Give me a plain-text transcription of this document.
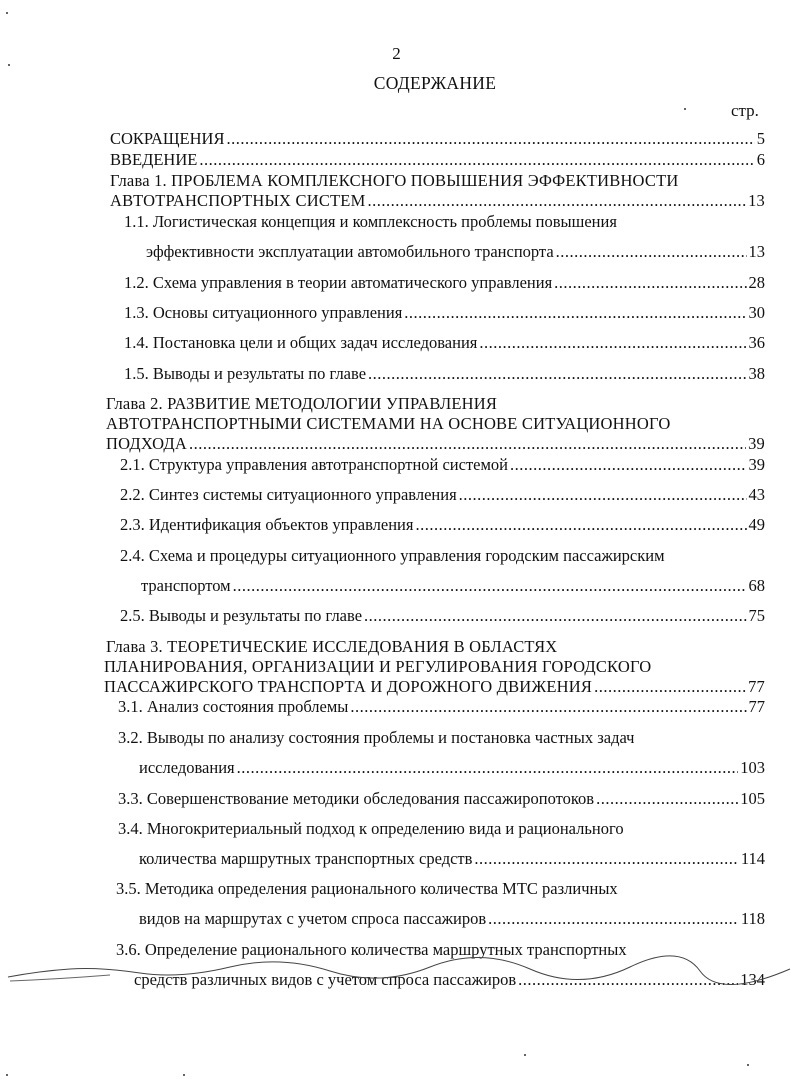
2
СОДЕРЖАНИЕ
стр.
СОКРАЩЕНИЯ .....	5
ВВЕДЕНИЕ .....	6
Глава 1. ПРОБЛЕМА КОМПЛЕКСНОГО ПОВЫШЕНИЯ ЭФФЕКТИВНОСТИ
АВТОТРАНСПОРТНЫХ СИСТЕМ .....	13
1.1. Логистическая концепция и комплексность проблемы повышения
эффективности эксплуатации автомобильного транспорта .....	13
1.2. Схема управления в теории автоматического управления .....	28
1.3. Основы ситуационного управления .....	30
1.4. Постановка цели и общих задач исследования .....	36
1.5. Выводы и результаты по главе .....	38
Глава 2. РАЗВИТИЕ МЕТОДОЛОГИИ УПРАВЛЕНИЯ
АВТОТРАНСПОРТНЫМИ СИСТЕМАМИ НА ОСНОВЕ СИТУАЦИОННОГО
ПОДХОДА .....	39
2.1. Структура управления автотранспортной системой .....	39
2.2. Синтез системы ситуационного управления .....	43
2.3. Идентификация объектов управления .....	49
2.4. Схема и процедуры ситуационного управления городским пассажирским
транспортом .....	68
2.5. Выводы и результаты по главе .....	75
Глава 3. ТЕОРЕТИЧЕСКИЕ ИССЛЕДОВАНИЯ В ОБЛАСТЯХ
ПЛАНИРОВАНИЯ, ОРГАНИЗАЦИИ И РЕГУЛИРОВАНИЯ ГОРОДСКОГО
ПАССАЖИРСКОГО ТРАНСПОРТА И ДОРОЖНОГО ДВИЖЕНИЯ .....	77
3.1. Анализ состояния проблемы .....	77
3.2. Выводы по анализу состояния проблемы и постановка частных задач
исследования .....	103
3.3. Совершенствование методики обследования пассажиропотоков .....	105
3.4. Многокритериальный подход к определению вида и рационального
количества маршрутных транспортных средств .....	114
3.5. Методика определения рационального количества МТС различных
видов на маршрутах с учетом спроса пассажиров .....	118
3.6. Определение рационального количества маршрутных транспортных
средств различных видов с учетом спроса пассажиров .....	134
